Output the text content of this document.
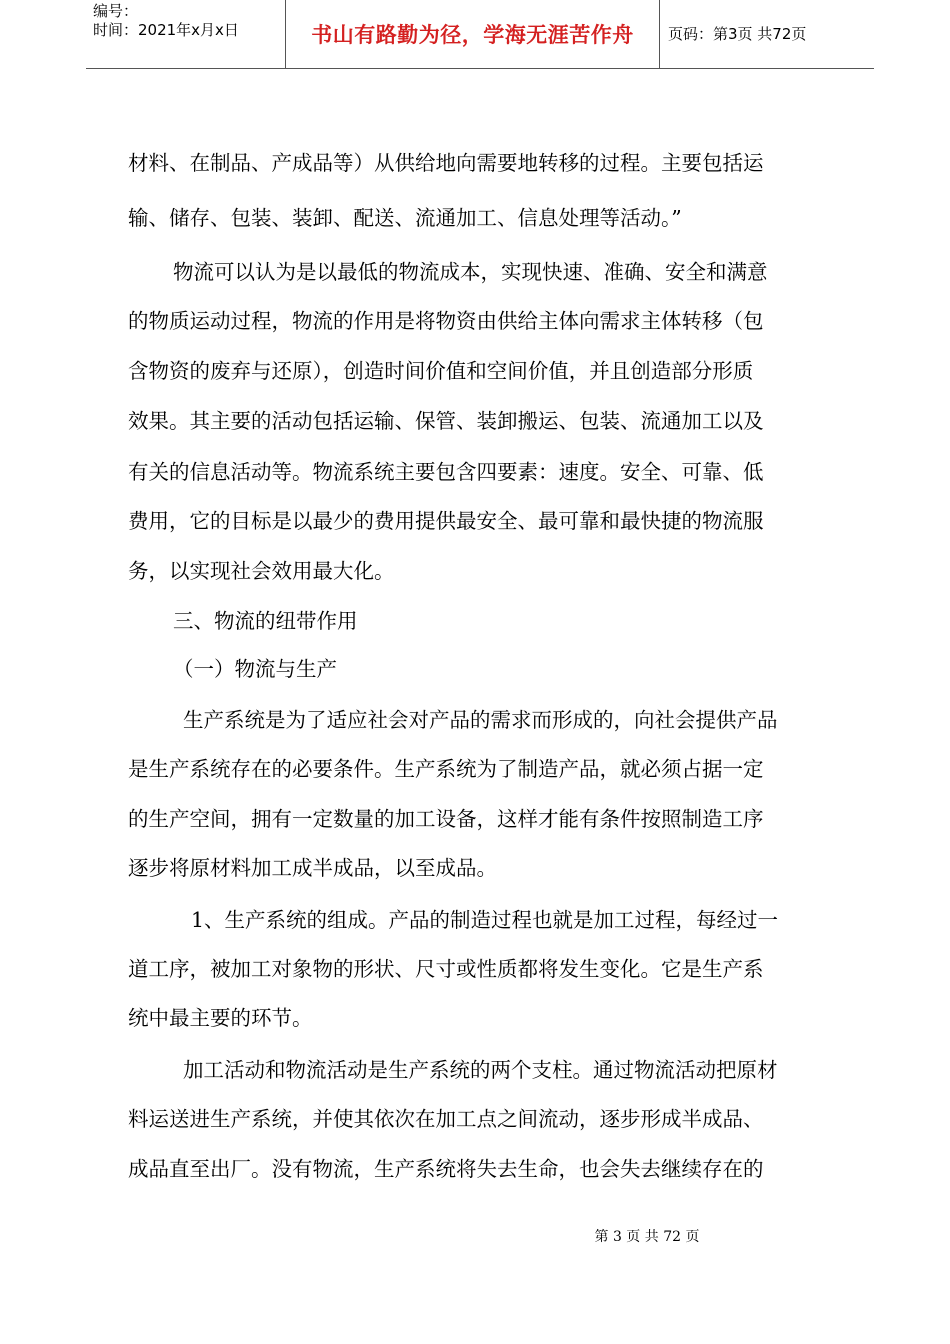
编号：
时间：2021年x月x日	书山有路勤为径，学海无涯苦作舟	页码：第3页 共72页
材料、在制品、产成品等）从供给地向需要地转移的过程。主要包括运
输、储存、包装、装卸、配送、流通加工、信息处理等活动。”
物流可以认为是以最低的物流成本，实现快速、准确、安全和满意
的物质运动过程，物流的作用是将物资由供给主体向需求主体转移（包
含物资的废弃与还原），创造时间价值和空间价值，并且创造部分形质
效果。其主要的活动包括运输、保管、装卸搬运、包装、流通加工以及
有关的信息活动等。物流系统主要包含四要素：速度。安全、可靠、低
费用，它的目标是以最少的费用提供最安全、最可靠和最快捷的物流服
务，以实现社会效用最大化。
三、物流的纽带作用
（一）物流与生产
生产系统是为了适应社会对产品的需求而形成的，向社会提供产品
是生产系统存在的必要条件。生产系统为了制造产品，就必须占据一定
的生产空间，拥有一定数量的加工设备，这样才能有条件按照制造工序
逐步将原材料加工成半成品，以至成品。
1、生产系统的组成。产品的制造过程也就是加工过程，每经过一
道工序，被加工对象物的形状、尺寸或性质都将发生变化。它是生产系
统中最主要的环节。
加工活动和物流活动是生产系统的两个支柱。通过物流活动把原材
料运送进生产系统，并使其依次在加工点之间流动，逐步形成半成品、
成品直至出厂。没有物流，生产系统将失去生命，也会失去继续存在的
第 3 页 共 72 页
